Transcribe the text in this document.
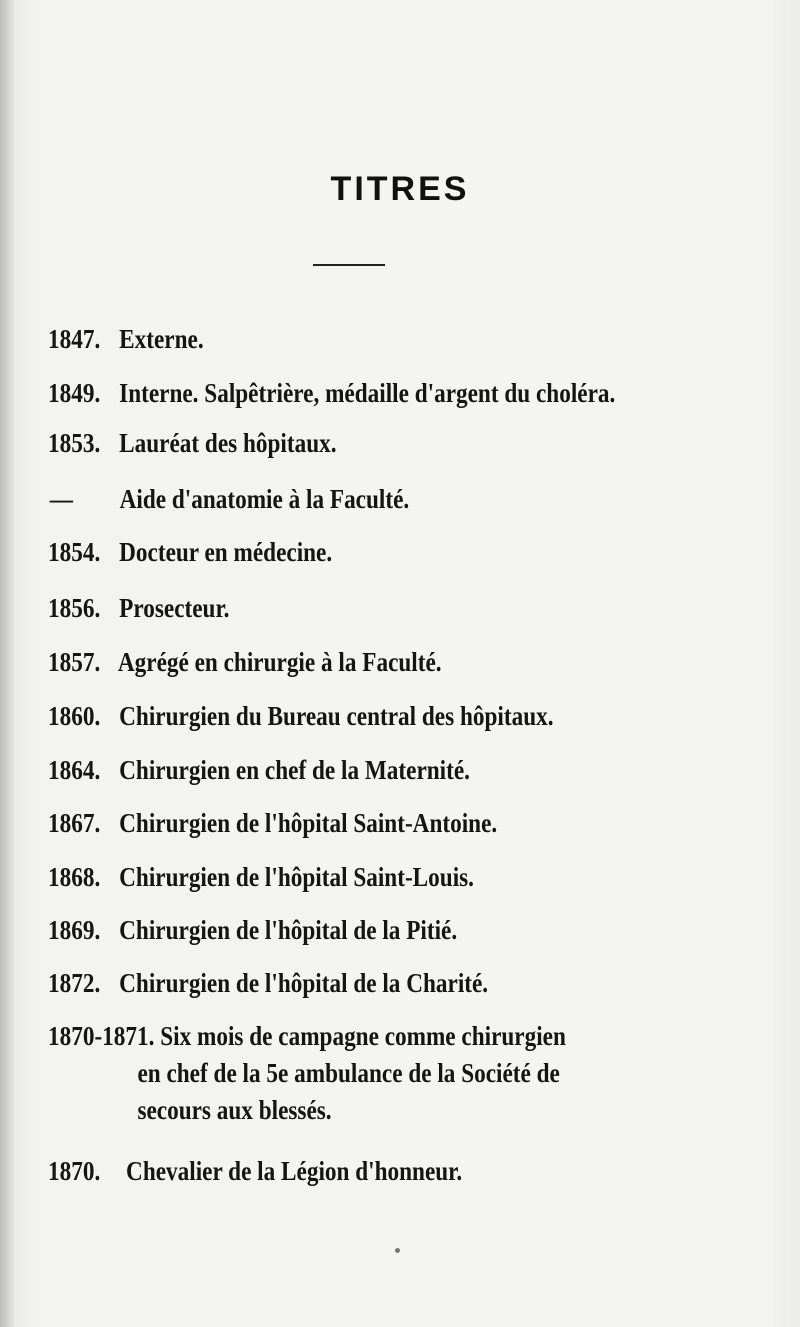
TITRES
1847. Externe.
1849. Interne. Salpêtrière, médaille d'argent du choléra.
1853. Lauréat des hôpitaux.
— Aide d'anatomie à la Faculté.
1854. Docteur en médecine.
1856. Prosecteur.
1857. Agrégé en chirurgie à la Faculté.
1860. Chirurgien du Bureau central des hôpitaux.
1864. Chirurgien en chef de la Maternité.
1867. Chirurgien de l'hôpital Saint-Antoine.
1868. Chirurgien de l'hôpital Saint-Louis.
1869. Chirurgien de l'hôpital de la Pitié.
1872. Chirurgien de l'hôpital de la Charité.
1870-1871. Six mois de campagne comme chirurgien
en chef de la 5e ambulance de la Société de
secours aux blessés.
1870. Chevalier de la Légion d'honneur.
